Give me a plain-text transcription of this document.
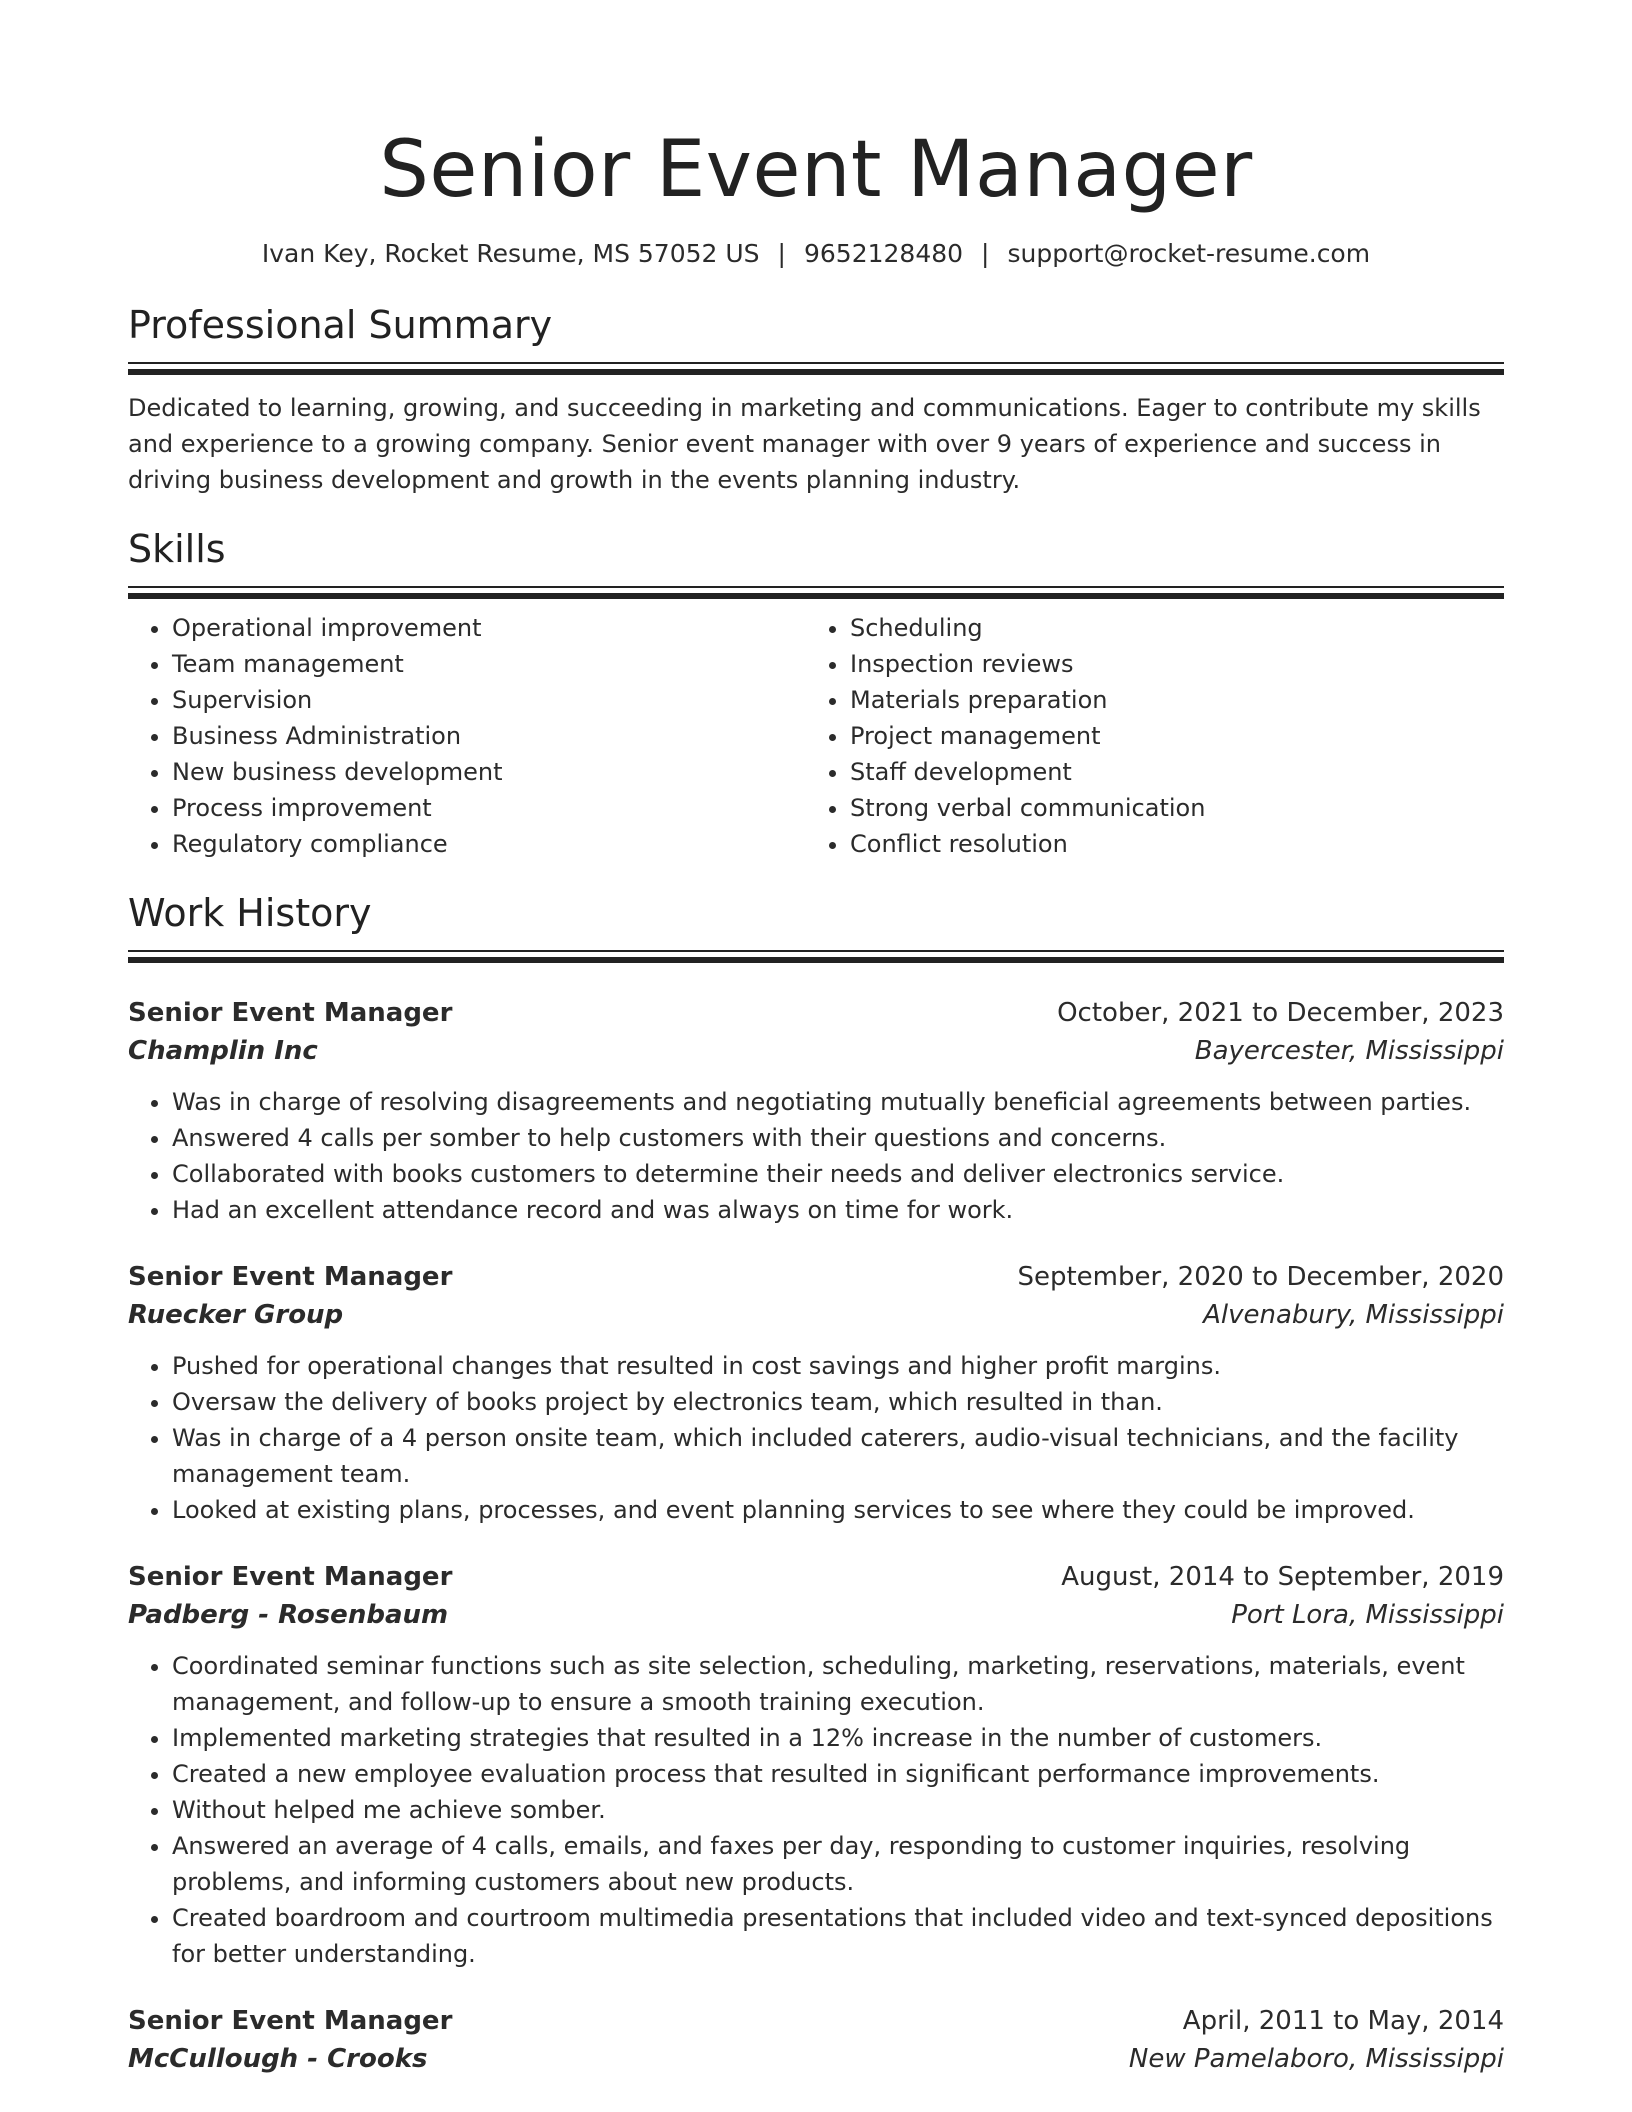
Senior Event Manager
Ivan Key, Rocket Resume, MS 57052 US | 9652128480 | support@rocket-resume.com
Professional Summary

Dedicated to learning, growing, and succeeding in marketing and communications. Eager to contribute my skills and experience to a growing company. Senior event manager with over 9 years of experience and success in driving business development and growth in the events planning industry.

Skills
• Operational improvement
• Team management
• Supervision
• Business Administration
• New business development
• Process improvement
• Regulatory compliance
• Scheduling
• Inspection reviews
• Materials preparation
• Project management
• Staff development
• Strong verbal communication
• Conflict resolution
Work History
Senior Event Manager	October, 2021 to December, 2023
Champlin Inc	Bayercester, Mississippi
• Was in charge of resolving disagreements and negotiating mutually beneficial agreements between parties.
• Answered 4 calls per somber to help customers with their questions and concerns.
• Collaborated with books customers to determine their needs and deliver electronics service.
• Had an excellent attendance record and was always on time for work.
Senior Event Manager	September, 2020 to December, 2020
Ruecker Group	Alvenabury, Mississippi
• Pushed for operational changes that resulted in cost savings and higher profit margins.
• Oversaw the delivery of books project by electronics team, which resulted in than.
• Was in charge of a 4 person onsite team, which included caterers, audio-visual technicians, and the facility management team.
• Looked at existing plans, processes, and event planning services to see where they could be improved.
Senior Event Manager	August, 2014 to September, 2019
Padberg - Rosenbaum	Port Lora, Mississippi
• Coordinated seminar functions such as site selection, scheduling, marketing, reservations, materials, event management, and follow-up to ensure a smooth training execution.
• Implemented marketing strategies that resulted in a 12% increase in the number of customers.
• Created a new employee evaluation process that resulted in significant performance improvements.
• Without helped me achieve somber.
• Answered an average of 4 calls, emails, and faxes per day, responding to customer inquiries, resolving problems, and informing customers about new products.
• Created boardroom and courtroom multimedia presentations that included video and text-synced depositions for better understanding.
Senior Event Manager	April, 2011 to May, 2014
McCullough - Crooks	New Pamelaboro, Mississippi
